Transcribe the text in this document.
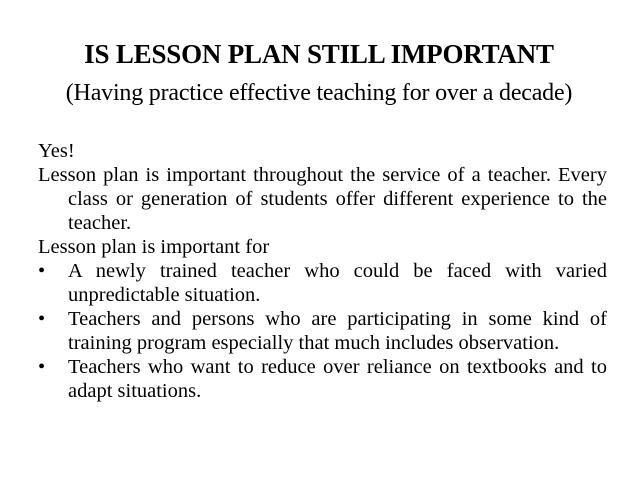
IS LESSON PLAN STILL IMPORTANT
(Having practice effective teaching for over a decade)

Yes!

Lesson plan is important throughout the service of a teacher. Every class or generation of students offer different experience to the teacher.

Lesson plan is important for

•	A newly trained teacher who could be faced with varied unpredictable situation.
•	Teachers and persons who are participating in some kind of training program especially that much includes observation.
•	Teachers who want to reduce over reliance on textbooks and to adapt situations.
